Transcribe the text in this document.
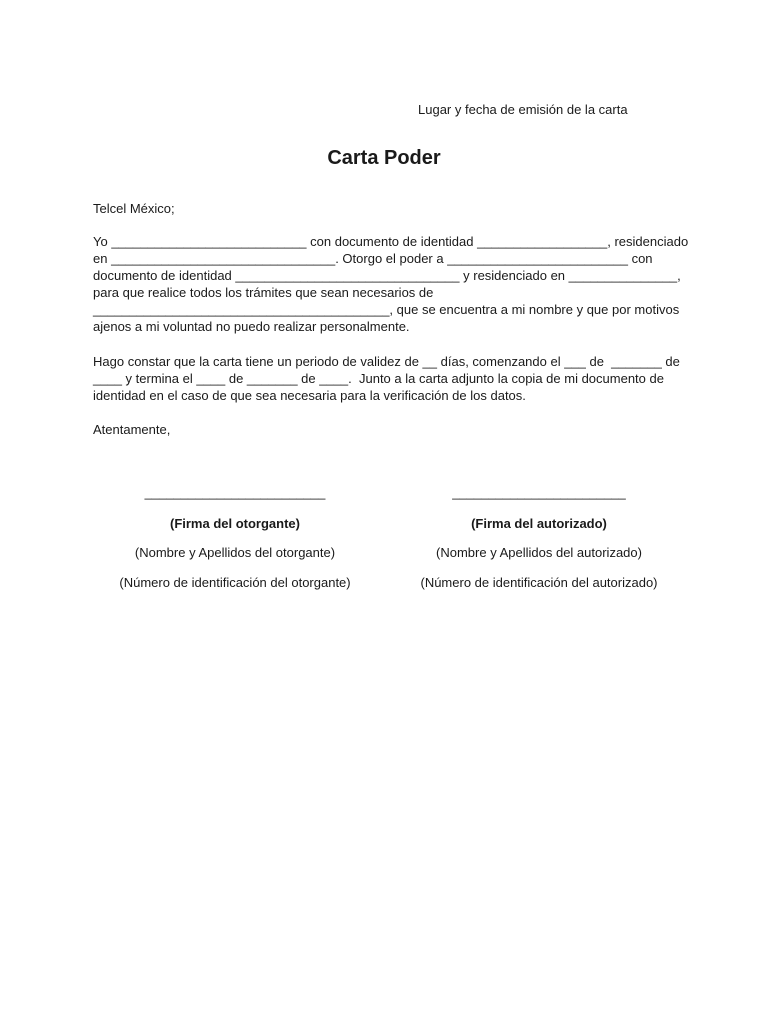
Lugar y fecha de emisión de la carta
Carta Poder
Telcel México;
Yo ___________________________ con documento de identidad __________________, residenciado
en _______________________________. Otorgo el poder a _________________________ con
documento de identidad _______________________________ y residenciado en _______________,
para que realice todos los trámites que sean necesarios de
_________________________________________, que se encuentra a mi nombre y que por motivos
ajenos a mi voluntad no puedo realizar personalmente.
Hago constar que la carta tiene un periodo de validez de __ días, comenzando el ___ de  _______ de
____ y termina el ____ de _______ de ____.  Junto a la carta adjunto la copia de mi documento de
identidad en el caso de que sea necesaria para la verificación de los datos.
Atentamente,
_________________________
(Firma del otorgante)
(Nombre y Apellidos del otorgante)
(Número de identificación del otorgante)
________________________
(Firma del autorizado)
(Nombre y Apellidos del autorizado)
(Número de identificación del autorizado)
